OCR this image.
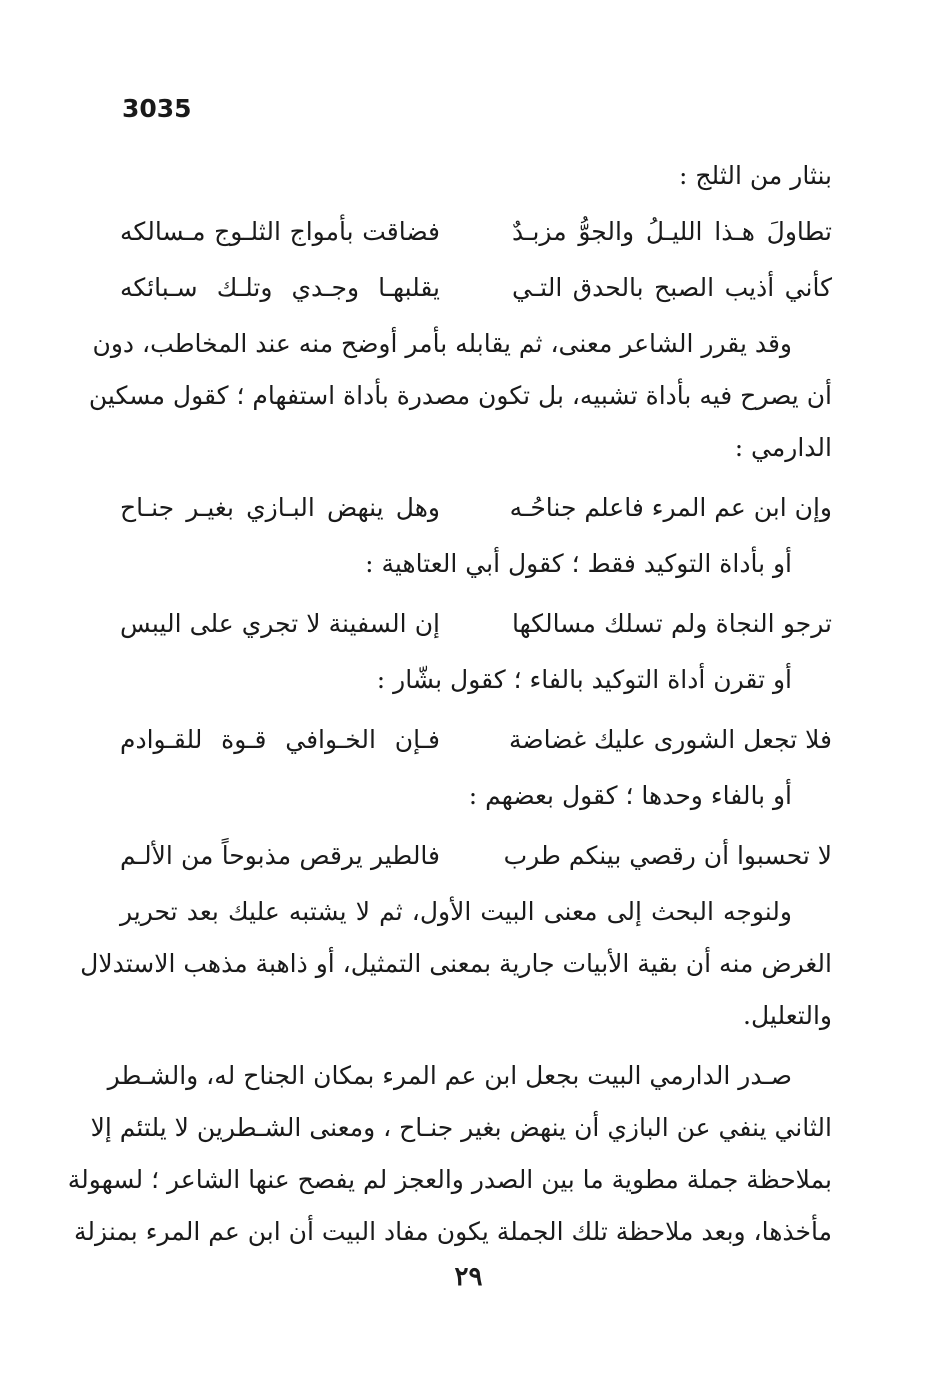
3035
بنثار من الثلج :
تطاولَ هـذا الليـلُ والجوُّ مزبـدٌ
فضاقت بأمواج الثلـوج مـسالكه
كأني أذيب الصبح بالحدق التـي
يقلبهـا وجـدي وتلـك سـبائكه
وقد يقرر الشاعر معنى، ثم يقابله بأمر أوضح منه عند المخاطب، دون
أن يصرح فيه بأداة تشبيه، بل تكون مصدرة بأداة استفهام ؛ كقول مسكين
الدارمي :
وإن ابن عم المرء فاعلم جناحُـه
وهل ينهض البـازي بغيـر جنـاح
أو بأداة التوكيد فقط ؛ كقول أبي العتاهية :
ترجو النجاة ولم تسلك مسالكها
إن السفينة لا تجري على اليبس
أو تقرن أداة التوكيد بالفاء ؛ كقول بشّار :
فلا تجعل الشورى عليك غضاضة
فـإن الخـوافي قـوة للقـوادم
أو بالفاء وحدها ؛ كقول بعضهم :
لا تحسبوا أن رقصي بينكم طرب
فالطير يرقص مذبوحاً من الألـم
ولنوجه البحث إلى معنى البيت الأول، ثم لا يشتبه عليك بعد تحرير
الغرض منه أن بقية الأبيات جارية بمعنى التمثيل، أو ذاهبة مذهب الاستدلال
والتعليل.
صـدر الدارمي البيت بجعل ابن عم المرء بمكان الجناح له، والشـطر
الثاني ينفي عن البازي أن ينهض بغير جنـاح ، ومعنى الشـطرين لا يلتئم إلا
بملاحظة جملة مطوية ما بين الصدر والعجز لم يفصح عنها الشاعر ؛ لسهولة
مأخذها، وبعد ملاحظة تلك الجملة يكون مفاد البيت أن ابن عم المرء بمنزلة
٢٩
